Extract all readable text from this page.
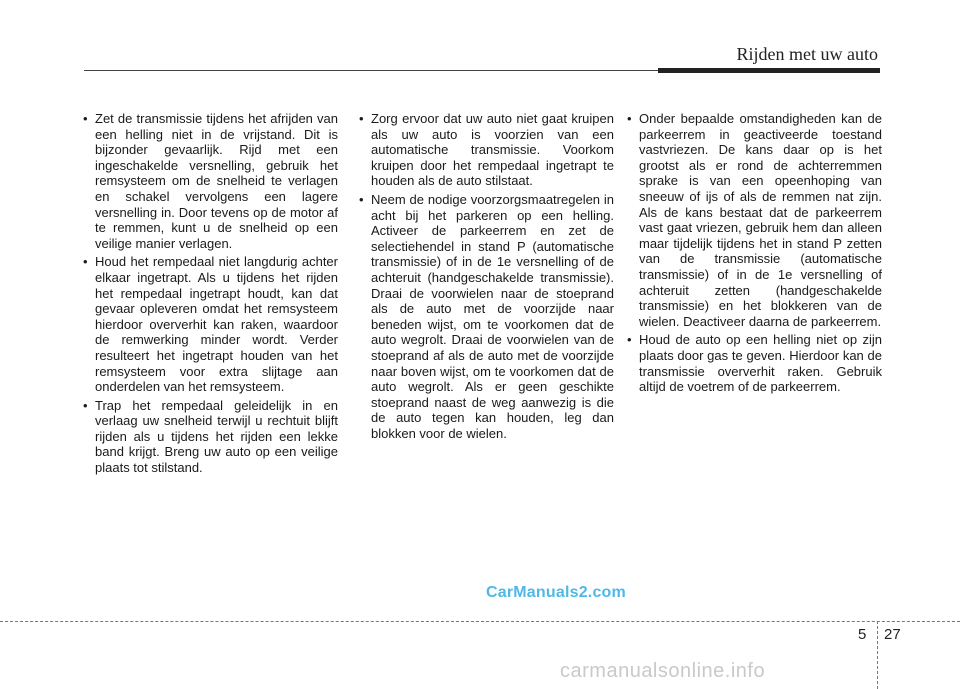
Rijden met uw auto
• Zet de transmissie tijdens het afrijden van een helling niet in de vrijstand. Dit is bijzonder gevaarlijk. Rijd met een ingeschakelde versnelling, gebruik het remsysteem om de snelheid te verlagen en schakel vervolgens een lagere versnelling in. Door tevens op de motor af te remmen, kunt u de snelheid op een veilige manier verlagen.
• Houd het rempedaal niet langdurig achter elkaar ingetrapt. Als u tijdens het rijden het rempedaal ingetrapt houdt, kan dat gevaar opleveren omdat het remsysteem hierdoor oververhit kan raken, waardoor de remwerking minder wordt. Verder resulteert het ingetrapt houden van het remsysteem voor extra slijtage aan onderdelen van het remsysteem.
• Trap het rempedaal geleidelijk in en verlaag uw snelheid terwijl u rechtuit blijft rijden als u tijdens het rijden een lekke band krijgt. Breng uw auto op een veilige plaats tot stilstand.
• Zorg ervoor dat uw auto niet gaat kruipen als uw auto is voorzien van een automatische transmissie. Voorkom kruipen door het rempedaal ingetrapt te houden als de auto stilstaat.
• Neem de nodige voorzorgsmaatregelen in acht bij het parkeren op een helling. Activeer de parkeerrem en zet de selectiehendel in stand P (automatische transmissie) of in de 1e versnelling of de achteruit (handgeschakelde transmissie). Draai de voorwielen naar de stoeprand als de auto met de voorzijde naar beneden wijst, om te voorkomen dat de auto wegrolt. Draai de voorwielen van de stoeprand af als de auto met de voorzijde naar boven wijst, om te voorkomen dat de auto wegrolt. Als er geen geschikte stoeprand naast de weg aanwezig is die de auto tegen kan houden, leg dan blokken voor de wielen.
• Onder bepaalde omstandigheden kan de parkeerrem in geactiveerde toestand vastvriezen. De kans daar op is het grootst als er rond de achterremmen sprake is van een opeenhoping van sneeuw of ijs of als de remmen nat zijn. Als de kans bestaat dat de parkeerrem vast gaat vriezen, gebruik hem dan alleen maar tijdelijk tijdens het in stand P zetten van de transmissie (automatische transmissie) of in de 1e versnelling of achteruit zetten (handgeschakelde transmissie) en het blokkeren van de wielen. Deactiveer daarna de parkeerrem.
• Houd de auto op een helling niet op zijn plaats door gas te geven. Hierdoor kan de transmissie oververhit raken. Gebruik altijd de voetrem of de parkeerrem.
CarManuals2.com
5 27
carmanualsonline.info
